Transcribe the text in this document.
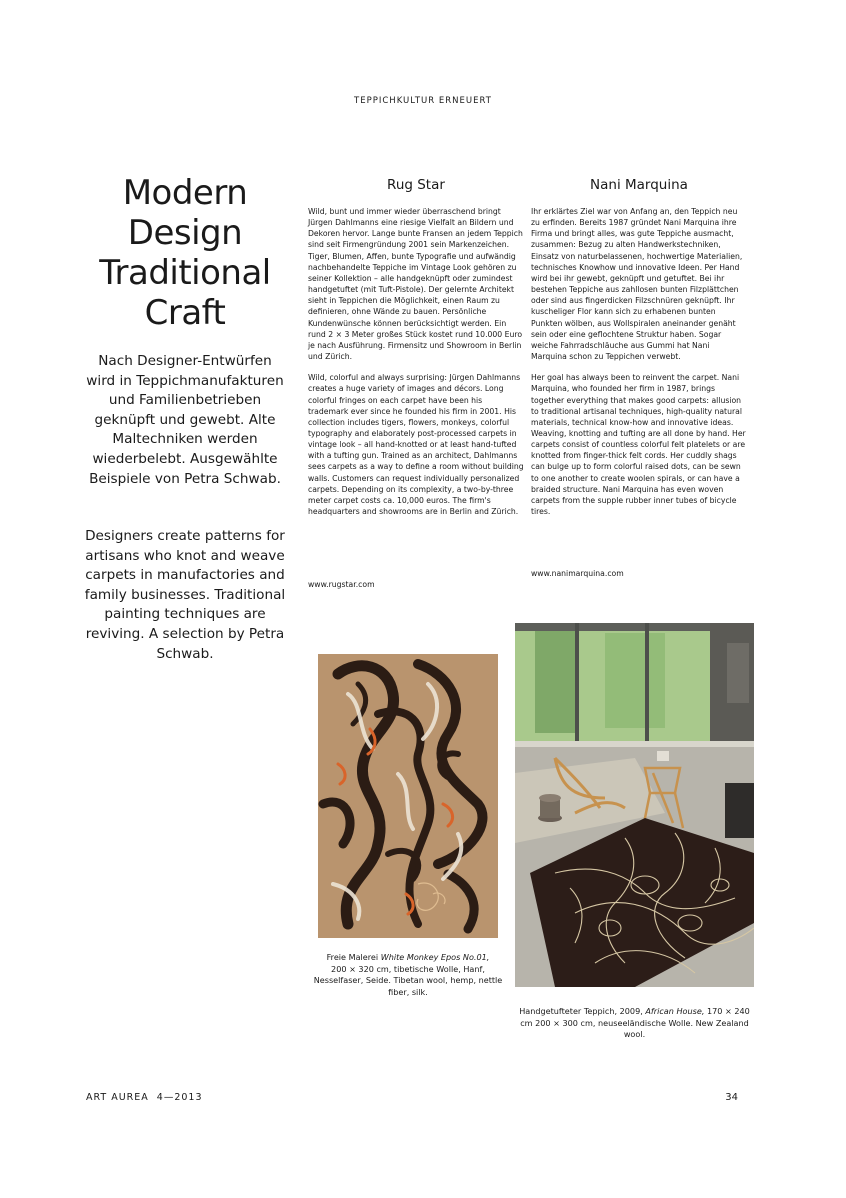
TEPPICHKULTUR ERNEUERT
Modern
Design
Traditional
Craft

Nach Designer-Entwürfen wird in Teppichmanufakturen und Familienbetrieben geknüpft und gewebt. Alte Maltechniken werden wiederbelebt. Ausgewählte Beispiele von Petra Schwab.

Designers create patterns for artisans who knot and weave carpets in manufactories and family businesses. Traditional painting techniques are reviving. A selection by Petra Schwab.

Rug Star	Nani Marquina

Wild, bunt und immer wieder überraschend bringt Jürgen Dahlmanns eine riesige Vielfalt an Bildern und Dekoren hervor. Lange bunte Fransen an jedem Teppich sind seit Firmengründung 2001 sein Markenzeichen. Tiger, Blumen, Affen, bunte Typografie und aufwändig nachbehandelte Teppiche im Vintage Look gehören zu seiner Kollektion – alle handgeknüpft oder zumindest handgetuftet (mit Tuft-Pistole). Der gelernte Architekt sieht in Teppichen die Möglichkeit, einen Raum zu definieren, ohne Wände zu bauen. Persönliche Kundenwünsche können berücksichtigt werden. Ein rund 2 × 3 Meter großes Stück kostet rund 10.000 Euro je nach Ausführung. Firmensitz und Showroom in Berlin und Zürich.

Wild, colorful and always surprising: Jürgen Dahlmanns creates a huge variety of images and décors. Long colorful fringes on each carpet have been his trademark ever since he founded his firm in 2001. His collection includes tigers, flowers, monkeys, colorful typography and elaborately post-processed carpets in vintage look – all hand-knotted or at least hand-tufted with a tufting gun. Trained as an architect, Dahlmanns sees carpets as a way to define a room without building walls. Customers can request individually personalized carpets. Depending on its complexity, a two-by-three meter carpet costs ca. 10,000 euros. The firm's headquarters and showrooms are in Berlin and Zürich.

www.rugstar.com

Ihr erklärtes Ziel war von Anfang an, den Teppich neu zu erfinden. Bereits 1987 gründet Nani Marquina ihre Firma und bringt alles, was gute Teppiche ausmacht, zusammen: Bezug zu alten Handwerkstechniken, Einsatz von naturbelassenen, hochwertige Materialien, technisches Knowhow und innovative Ideen. Per Hand wird bei ihr gewebt, geknüpft und getuftet. Bei ihr bestehen Teppiche aus zahllosen bunten Filzplättchen oder sind aus fingerdicken Filzschnüren geknüpft. Ihr kuscheliger Flor kann sich zu erhabenen bunten Punkten wölben, aus Wollspiralen aneinander genäht sein oder eine geflochtene Struktur haben. Sogar weiche Fahrradschläuche aus Gummi hat Nani Marquina schon zu Teppichen verwebt.

Her goal has always been to reinvent the carpet. Nani Marquina, who founded her firm in 1987, brings together everything that makes good carpets: allusion to traditional artisanal techniques, high-quality natural materials, technical know-how and innovative ideas. Weaving, knotting and tufting are all done by hand. Her carpets consist of countless colorful felt platelets or are knotted from finger-thick felt cords. Her cuddly shags can bulge up to form colorful raised dots, can be sewn to one another to create woolen spirals, or can have a braided structure. Nani Marquina has even woven carpets from the supple rubber inner tubes of bicycle tires.

www.nanimarquina.com
Freie Malerei White Monkey Epos No.01,
200 × 320 cm, tibetische Wolle, Hanf, Nesselfaser, Seide. Tibetan wool, hemp, nettle fiber, silk.
Handgetufteter Teppich, 2009, African House, 170 × 240 cm 200 × 300 cm, neuseeländische Wolle. New Zealand wool.
ART AUREA 4—2013	34
